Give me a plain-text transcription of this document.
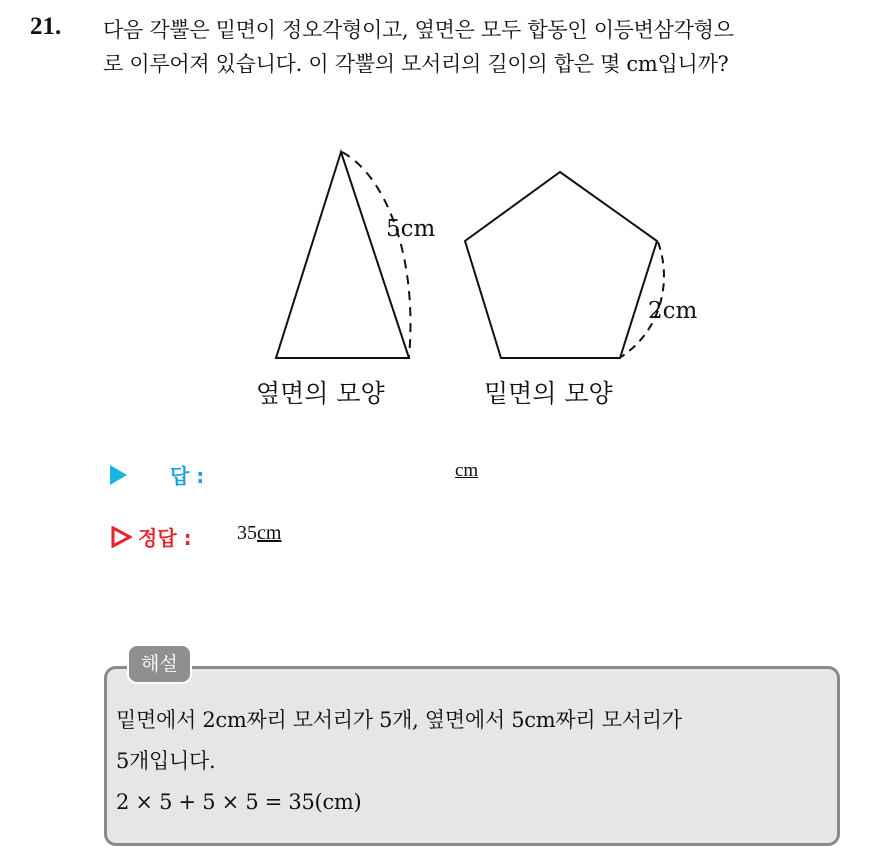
21. 다음 각뿔은 밑면이 정오각형이고, 옆면은 모두 합동인 이등변삼각형으
로 이루어져 있습니다. 이 각뿔의 모서리의 길이의 합은 몇 cm입니까?
5cm
옆면의 모양
2cm
밑면의 모양
답 :	cm
정답 : 35cm
해설
밑면에서 2cm짜리 모서리가 5개, 옆면에서 5cm짜리 모서리가
5개입니다.
2 × 5 + 5 × 5 = 35(cm)
